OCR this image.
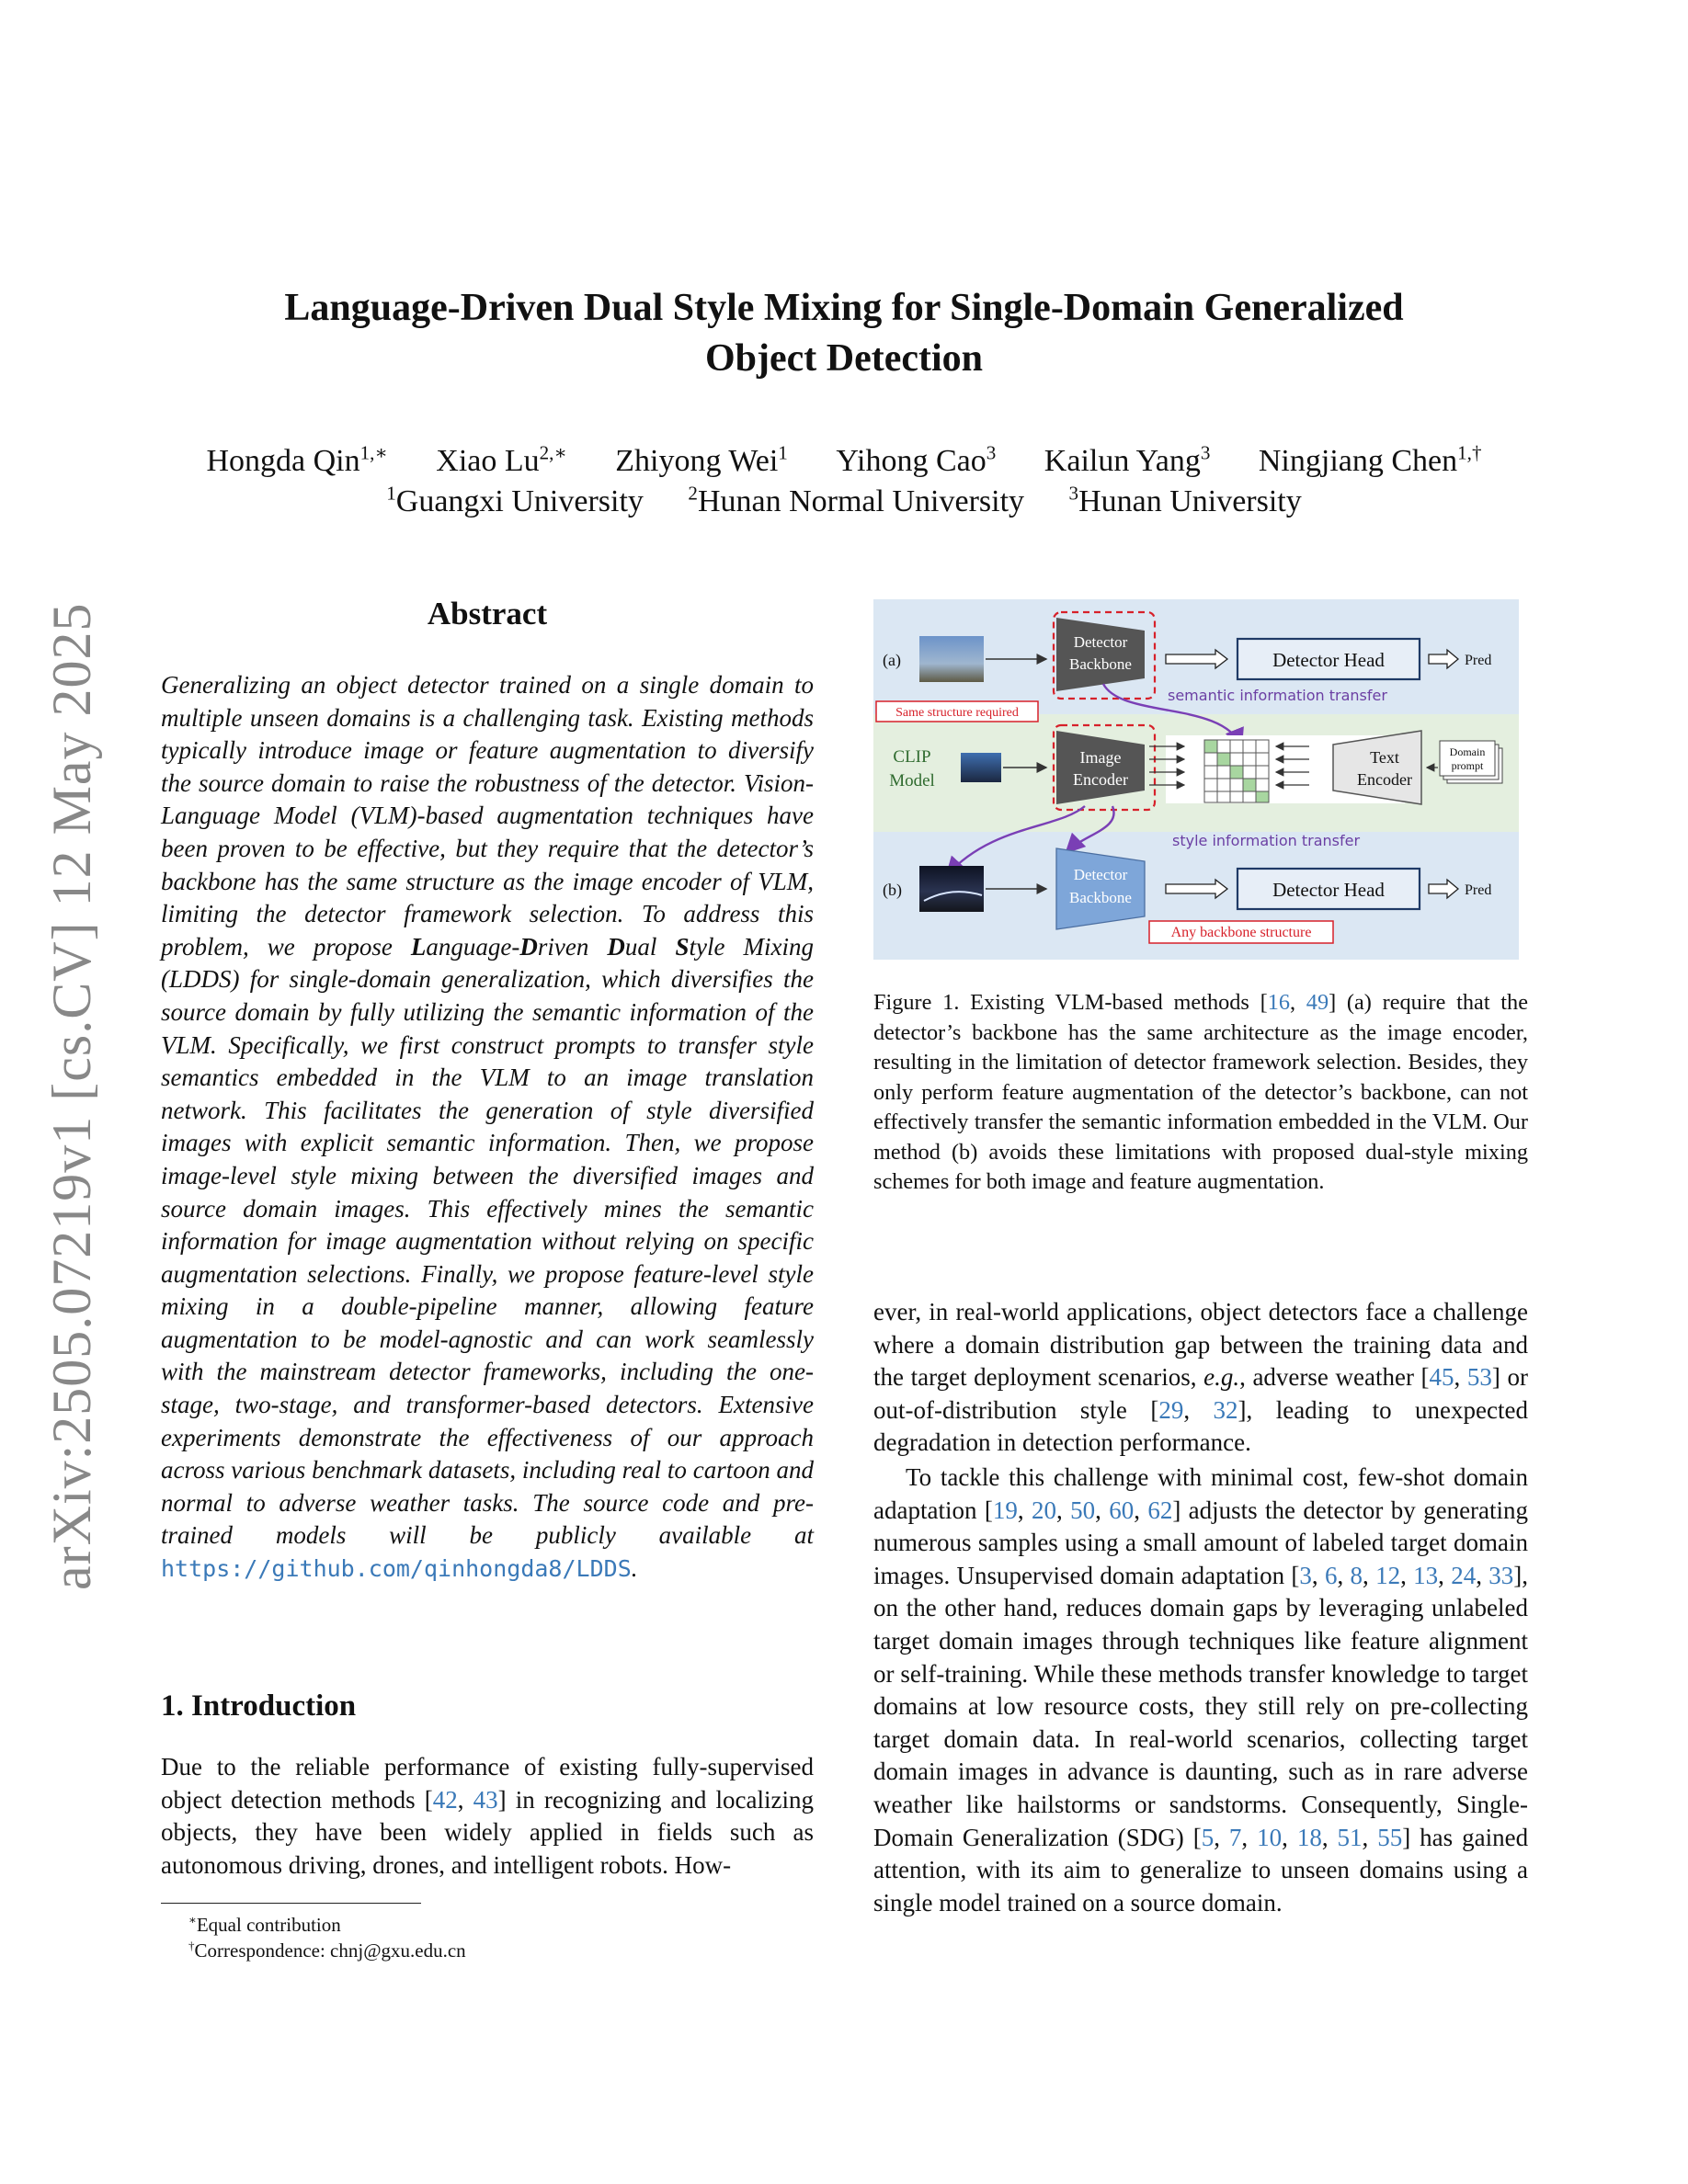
arXiv:2505.07219v1 [cs.CV] 12 May 2025
Language-Driven Dual Style Mixing for Single-Domain Generalized
Object Detection
Hongda Qin$^{1,∗}$ Xiao $Lu^{2,∗}$ Zhiyong Wei$^1$ Yihong Cao$^3$ Kailun Yang$^3$ Ningjiang Chen$^{1,\dagger}$
$^1$Guangxi University $^2$Hunan Normal University $^3$Hunan University
Abstract
Generalizing an object detector trained on a single domain to multiple unseen domains is a challenging task. Existing methods typically introduce image or feature augmentation to diversify the source domain to raise the robustness of the detector. Vision-Language Model (VLM)-based augmentation techniques have been proven to be effective, but they require that the detector’s backbone has the same structure as the image encoder of VLM, limiting the detector framework selection. To address this problem, we propose Language-Driven Dual Style Mixing (LDDS) for single-domain generalization, which diversifies the source domain by fully utilizing the semantic information of the VLM. Specifically, we first construct prompts to transfer style semantics embedded in the VLM to an image translation network. This facilitates the generation of style diversified images with explicit semantic information. Then, we propose image-level style mixing between the diversified images and source domain images. This effectively mines the semantic information for image augmentation without relying on specific augmentation selections. Finally, we propose feature-level style mixing in a double-pipeline manner, allowing feature augmentation to be model-agnostic and can work seamlessly with the mainstream detector frameworks, including the one-stage, two-stage, and transformer-based detectors. Extensive experiments demonstrate the effectiveness of our approach across various benchmark datasets, including real to cartoon and normal to adverse weather tasks. The source code and pre-trained models will be publicly available at https://github.com/qinhongda8/LDDS.
1. Introduction
Due to the reliable performance of existing fully-supervised object detection methods [42, 43] in recognizing and localizing objects, they have been widely applied in fields such as autonomous driving, drones, and intelligent robots. How-
∗Equal contribution
†Correspondence: chnj@gxu.edu.cn
(a)
Detector
Backbone	Detector Head	Pred
semantic information transfer
Same structure required
CLIP
Model
Image
Encoder
Text
Encoder
Domain
prompt
style information transfer
(b)
Detector
Backbone	Detector Head	Pred
Any backbone structure
Figure 1. Existing VLM-based methods [16, 49] (a) require that the detector’s backbone has the same architecture as the image encoder, resulting in the limitation of detector framework selection. Besides, they only perform feature augmentation of the detector’s backbone, can not effectively transfer the semantic information embedded in the VLM. Our method (b) avoids these limitations with proposed dual-style mixing schemes for both image and feature augmentation.
ever, in real-world applications, object detectors face a challenge where a domain distribution gap between the training data and the target deployment scenarios, e.g., adverse weather [45, 53] or out-of-distribution style [29, 32], leading to unexpected degradation in detection performance.
To tackle this challenge with minimal cost, few-shot domain adaptation [19, 20, 50, 60, 62] adjusts the detector by generating numerous samples using a small amount of labeled target domain images. Unsupervised domain adaptation [3, 6, 8, 12, 13, 24, 33], on the other hand, reduces domain gaps by leveraging unlabeled target domain images through techniques like feature alignment or self-training. While these methods transfer knowledge to target domains at low resource costs, they still rely on pre-collecting target domain data. In real-world scenarios, collecting target domain images in advance is daunting, such as in rare adverse weather like hailstorms or sandstorms. Consequently, Single-Domain Generalization (SDG) [5, 7, 10, 18, 51, 55] has gained attention, with its aim to generalize to unseen domains using a single model trained on a source domain.
